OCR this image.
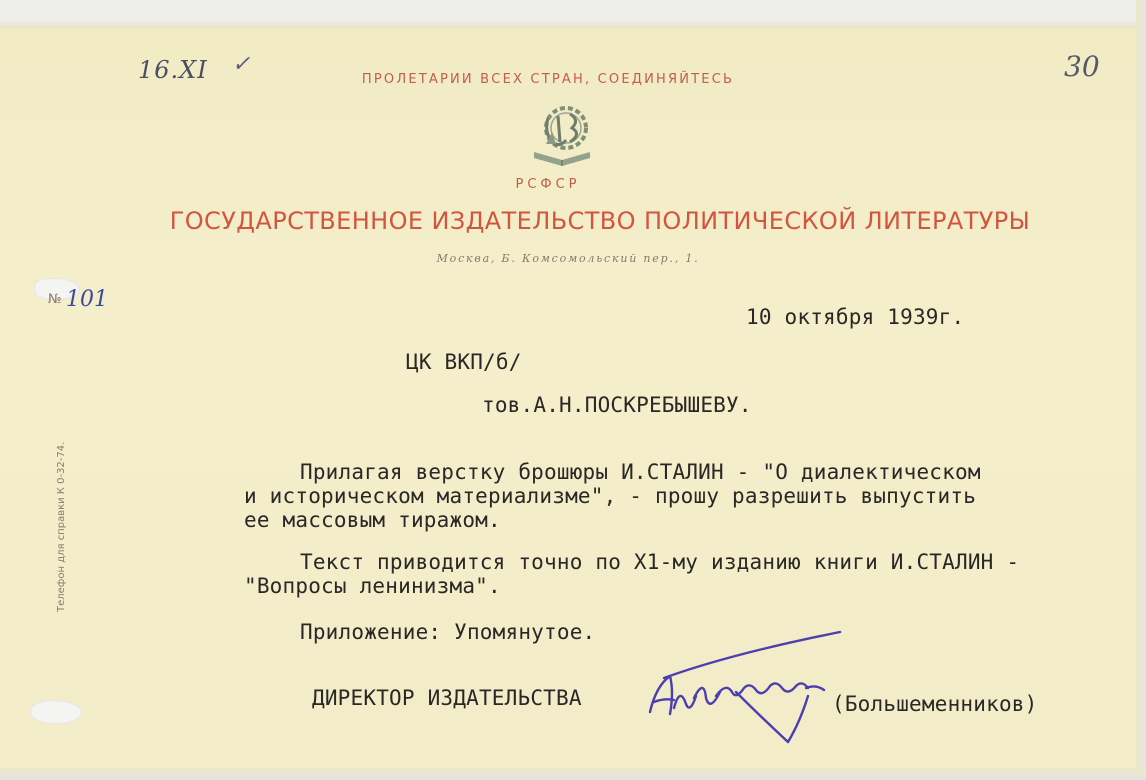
16.XI ✓	30
ПРОЛЕТАРИИ ВСЕХ СТРАН, СОЕДИНЯЙТЕСЬ
РСФСР
ГОСУДАРСТВЕННОЕ ИЗДАТЕЛЬСТВО ПОЛИТИЧЕСКОЙ ЛИТЕРАТУРЫ
Москва, Б. Комсомольский пер., 1.
№ 101
Телефон для справки К 0-32-74.
10 октября 1939г.
ЦК ВКП/б/
тов.А.Н.ПОСКРЕБЫШЕВУ.
Прилагая верстку брошюры И.СТАЛИН - "О диалектическом
и историческом материализме", - прошу разрешить выпустить
ее массовым тиражом.
Текст приводится точно по Х1-му изданию книги И.СТАЛИН -
"Вопросы ленинизма".
Приложение: Упомянутое.
ДИРЕКТОР ИЗДАТЕЛЬСТВА	(Большеменников)
